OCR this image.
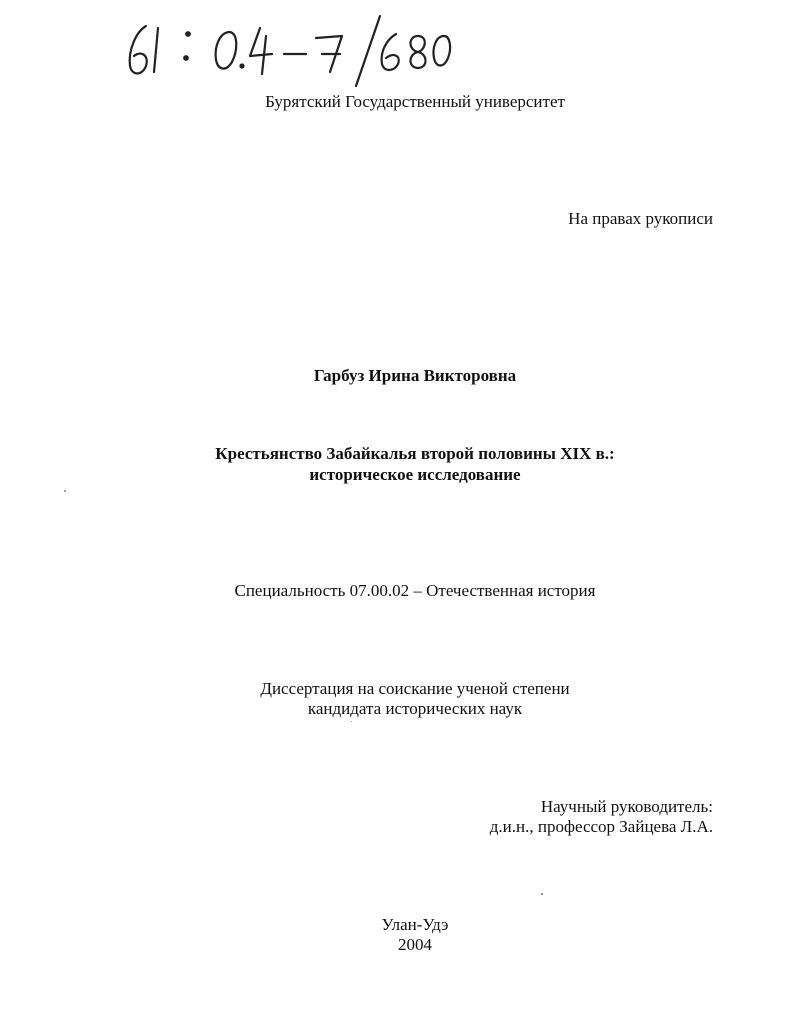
Бурятский Государственный университет
На правах рукописи
Гарбуз Ирина Викторовна
Крестьянство Забайкалья второй половины XIX в.:
историческое исследование
Специальность 07.00.02 – Отечественная история
Диссертация на соискание ученой степени
кандидата исторических наук
Научный руководитель:
д.и.н., профессор Зайцева Л.А.
Улан-Удэ
2004
